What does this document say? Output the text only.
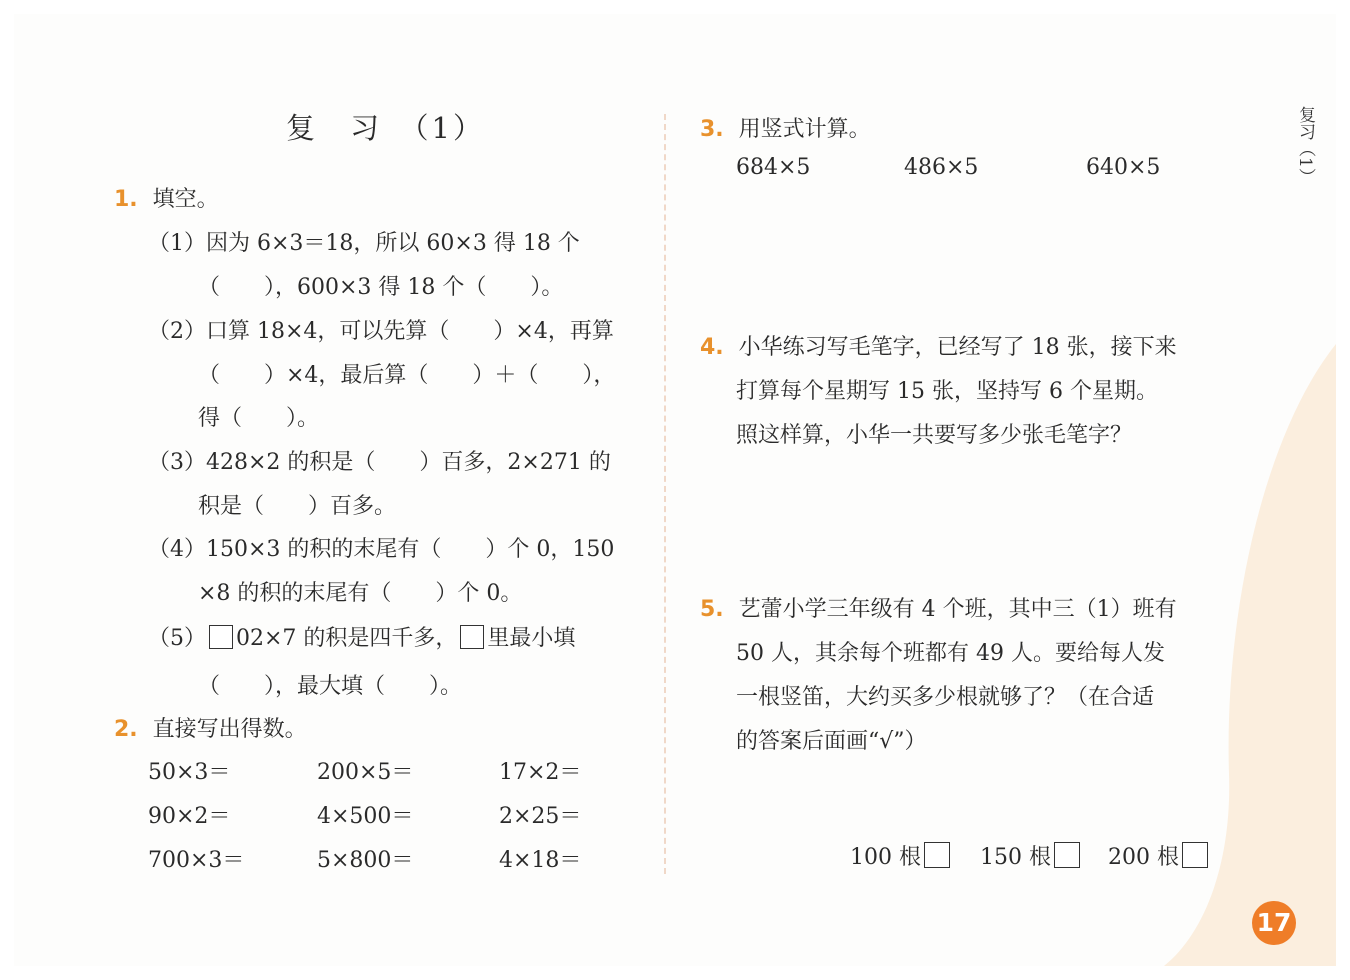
复　习　（1）
1. 填空。
（1）因为 6×3＝18，所以 60×3 得 18 个
（　　），600×3 得 18 个（　　）。
（2）口算 18×4，可以先算（　　）×4，再算
（　　）×4，最后算（　　）＋（　　），
得（　　）。
（3）428×2 的积是（　　）百多，2×271 的
积是（　　）百多。
（4）150×3 的积的末尾有（　　）个 0，150
×8 的积的末尾有（　　）个 0。
（5） 02×7 的积是四千多， 里最小填
（　　），最大填（　　）。
2. 直接写出得数。
50×3＝	200×5＝	17×2＝
90×2＝	4×500＝	2×25＝
700×3＝	5×800＝	4×18＝
3. 用竖式计算。
684×5	486×5	640×5
4. 小华练习写毛笔字，已经写了 18 张，接下来
打算每个星期写 15 张，坚持写 6 个星期。
照这样算，小华一共要写多少张毛笔字？
5. 艺蕾小学三年级有 4 个班，其中三（1）班有
50 人，其余每个班都有 49 人。要给每人发
一根竖笛，大约买多少根就够了？（在合适
的答案后面画“√”）
100 根	150 根	200 根
复习（1）
17
